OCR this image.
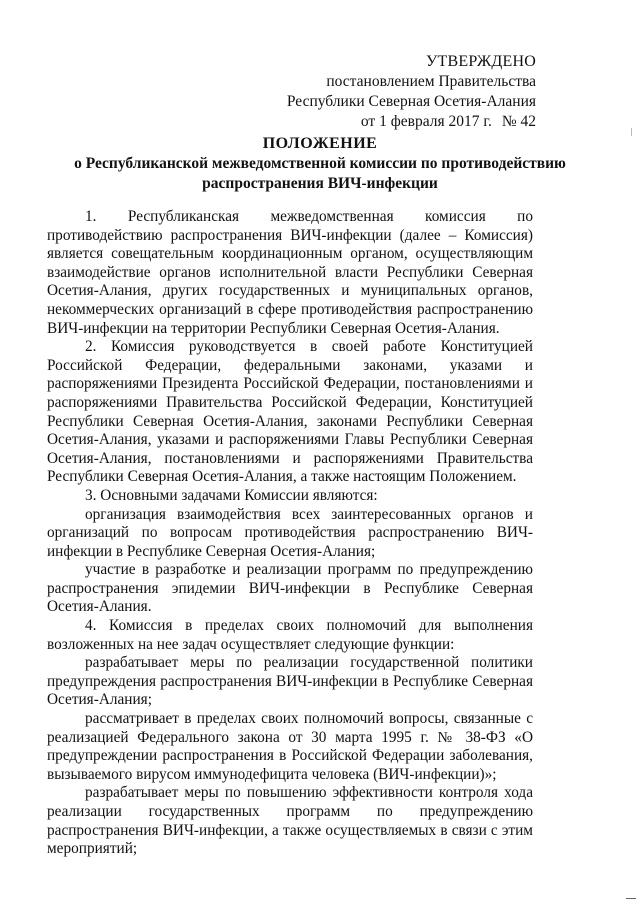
УТВЕРЖДЕНО
постановлением Правительства
Республики Северная Осетия-Алания
от 1 февраля 2017 г. № 42
ПОЛОЖЕНИЕ
о Республиканской межведомственной комиссии по противодействию
распространения ВИЧ-инфекции

1. Республиканская межведомственная комиссия по противодействию распространения ВИЧ-инфекции (далее – Комиссия) является совещательным координационным органом, осуществляющим взаимодействие органов исполнительной власти Республики Северная Осетия-Алания, других государственных и муниципальных органов, некоммерческих организаций в сфере противодействия распространению ВИЧ-инфекции на территории Республики Северная Осетия-Алания.

2. Комиссия руководствуется в своей работе Конституцией Российской Федерации, федеральными законами, указами и распоряжениями Президента Российской Федерации, постановлениями и распоряжениями Правительства Российской Федерации, Конституцией Республики Северная Осетия-Алания, законами Республики Северная Осетия-Алания, указами и распоряжениями Главы Республики Северная Осетия-Алания, постановлениями и распоряжениями Правительства Республики Северная Осетия-Алания, а также настоящим Положением.

3. Основными задачами Комиссии являются:

организация взаимодействия всех заинтересованных органов и организаций по вопросам противодействия распространению ВИЧ-инфекции в Республике Северная Осетия-Алания;

участие в разработке и реализации программ по предупреждению распространения эпидемии ВИЧ-инфекции в Республике Северная Осетия-Алания.

4. Комиссия в пределах своих полномочий для выполнения возложенных на нее задач осуществляет следующие функции:

разрабатывает меры по реализации государственной политики предупреждения распространения ВИЧ-инфекции в Республике Северная Осетия-Алания;

рассматривает в пределах своих полномочий вопросы, связанные с реализацией Федерального закона от 30 марта 1995 г. № 38-ФЗ «О предупреждении распространения в Российской Федерации заболевания, вызываемого вирусом иммунодефицита человека (ВИЧ-инфекции)»;

разрабатывает меры по повышению эффективности контроля хода реализации государственных программ по предупреждению распространения ВИЧ-инфекции, а также осуществляемых в связи с этим мероприятий;
